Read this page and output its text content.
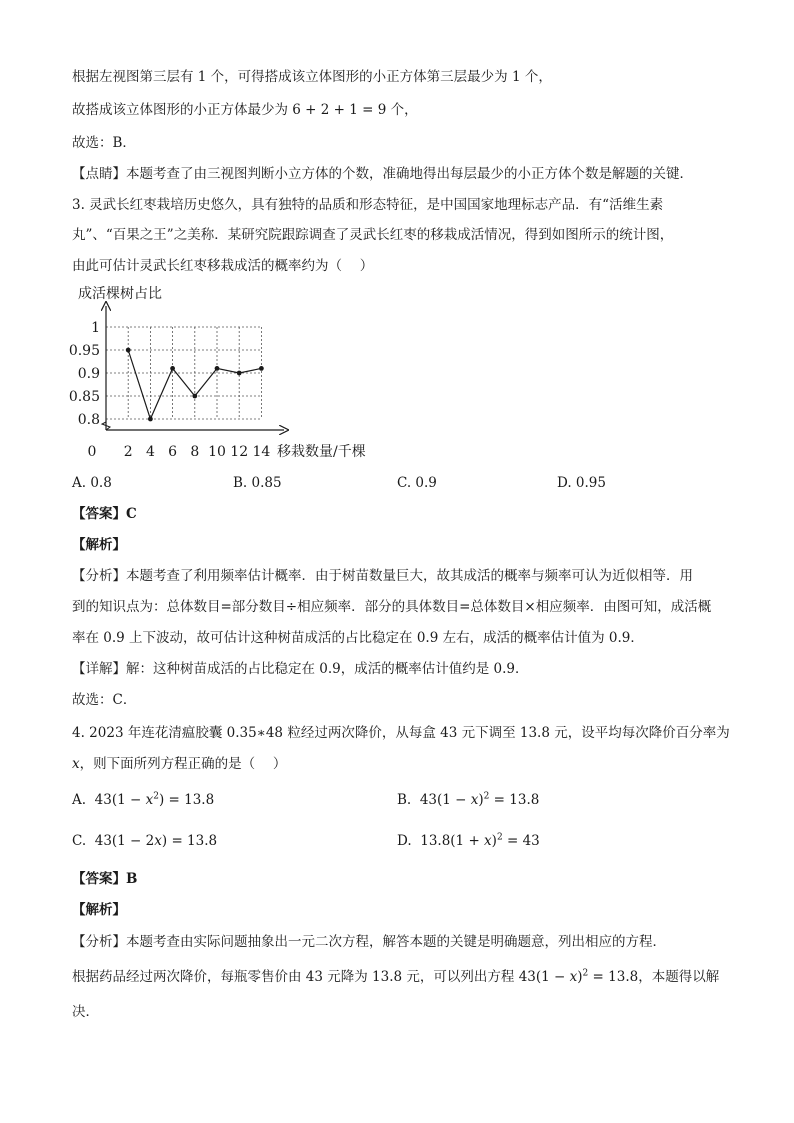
根据左视图第三层有 1 个，可得搭成该立体图形的小正方体第三层最少为 1 个，
故搭成该立体图形的小正方体最少为 6 + 2 + 1 = 9 个，
故选：B．
【点睛】本题考查了由三视图判断小立方体的个数，准确地得出每层最少的小正方体个数是解题的关键．
3. 灵武长红枣栽培历史悠久，具有独特的品质和形态特征，是中国国家地理标志产品．有“活维生素
丸”、“百果之王”之美称．某研究院跟踪调查了灵武长红枣的移栽成活情况，得到如图所示的统计图，
由此可估计灵武长红枣移栽成活的概率约为（　 ）
成活棵树占比
移栽数量/千棵
1
0.95
0.9
0.85
0.8
0 2 4 6 8 10 12 14
A. 0.8	B. 0.85	C. 0.9	D. 0.95
【答案】C
【解析】
【分析】本题考查了利用频率估计概率．由于树苗数量巨大，故其成活的概率与频率可认为近似相等．用
到的知识点为：总体数目=部分数目÷相应频率．部分的具体数目=总体数目×相应频率．由图可知，成活概
率在 0.9 上下波动，故可估计这种树苗成活的占比稳定在 0.9 左右，成活的概率估计值为 0.9．
【详解】解：这种树苗成活的占比稳定在 0.9，成活的概率估计值约是 0.9．
故选：C．
4. 2023 年连花清瘟胶囊 0.35∗48 粒经过两次降价，从每盒 43 元下调至 13.8 元，设平均每次降价百分率为
x，则下面所列方程正确的是（　 ）
A. $43(1 - x^2) = 13.8$	B. $43(1 - x)^2 = 13.8$
C. 43(1 − 2x) = 13.8	D. $13.8(1 + x)^2 = 43$
【答案】B
【解析】
【分析】本题考查由实际问题抽象出一元二次方程，解答本题的关键是明确题意，列出相应的方程．
根据药品经过两次降价，每瓶零售价由 43 元降为 13.8 元，可以列出方程 $43(1 - x)^2 = 13.8$，本题得以解
决．
